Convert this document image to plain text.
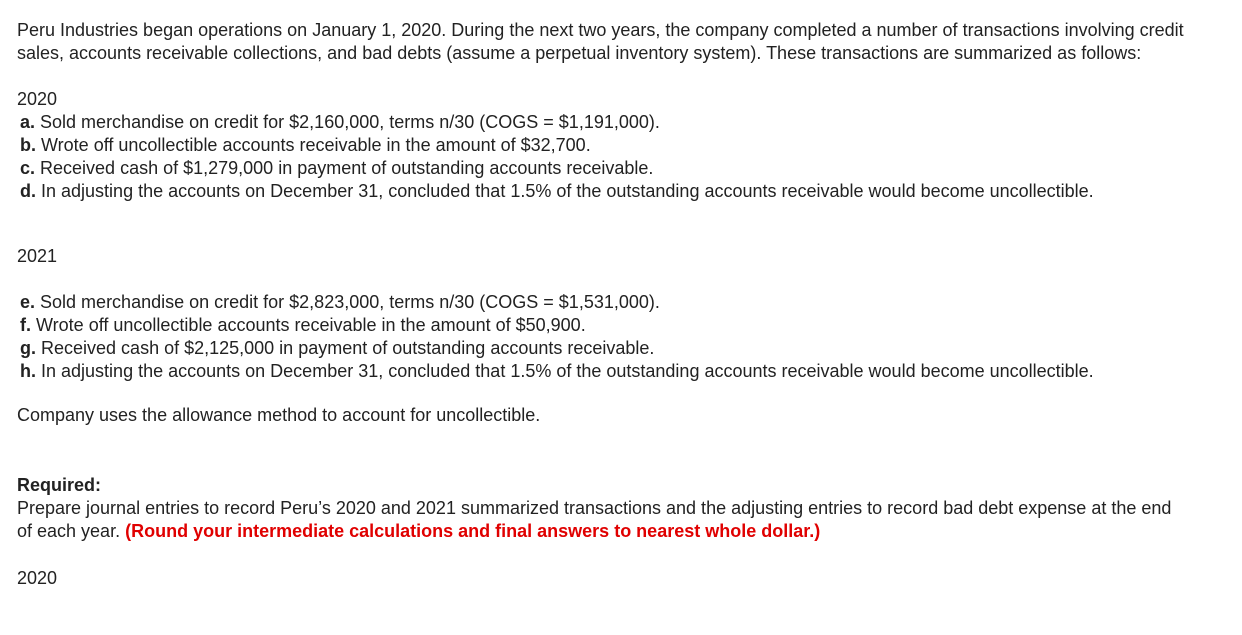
Peru Industries began operations on January 1, 2020. During the next two years, the company completed a number of transactions involving credit sales, accounts receivable collections, and bad debts (assume a perpetual inventory system). These transactions are summarized as follows:

2020

a. Sold merchandise on credit for $2,160,000, terms n/30 (COGS = $1,191,000).

b. Wrote off uncollectible accounts receivable in the amount of $32,700.

c. Received cash of $1,279,000 in payment of outstanding accounts receivable.

d. In adjusting the accounts on December 31, concluded that 1.5% of the outstanding accounts receivable would become uncollectible.

2021

e. Sold merchandise on credit for $2,823,000, terms n/30 (COGS = $1,531,000).

f. Wrote off uncollectible accounts receivable in the amount of $50,900.

g. Received cash of $2,125,000 in payment of outstanding accounts receivable.

h. In adjusting the accounts on December 31, concluded that 1.5% of the outstanding accounts receivable would become uncollectible.

Company uses the allowance method to account for uncollectible.

Required:

Prepare journal entries to record Peru’s 2020 and 2021 summarized transactions and the adjusting entries to record bad debt expense at the end of each year. (Round your intermediate calculations and final answers to nearest whole dollar.)

2020
